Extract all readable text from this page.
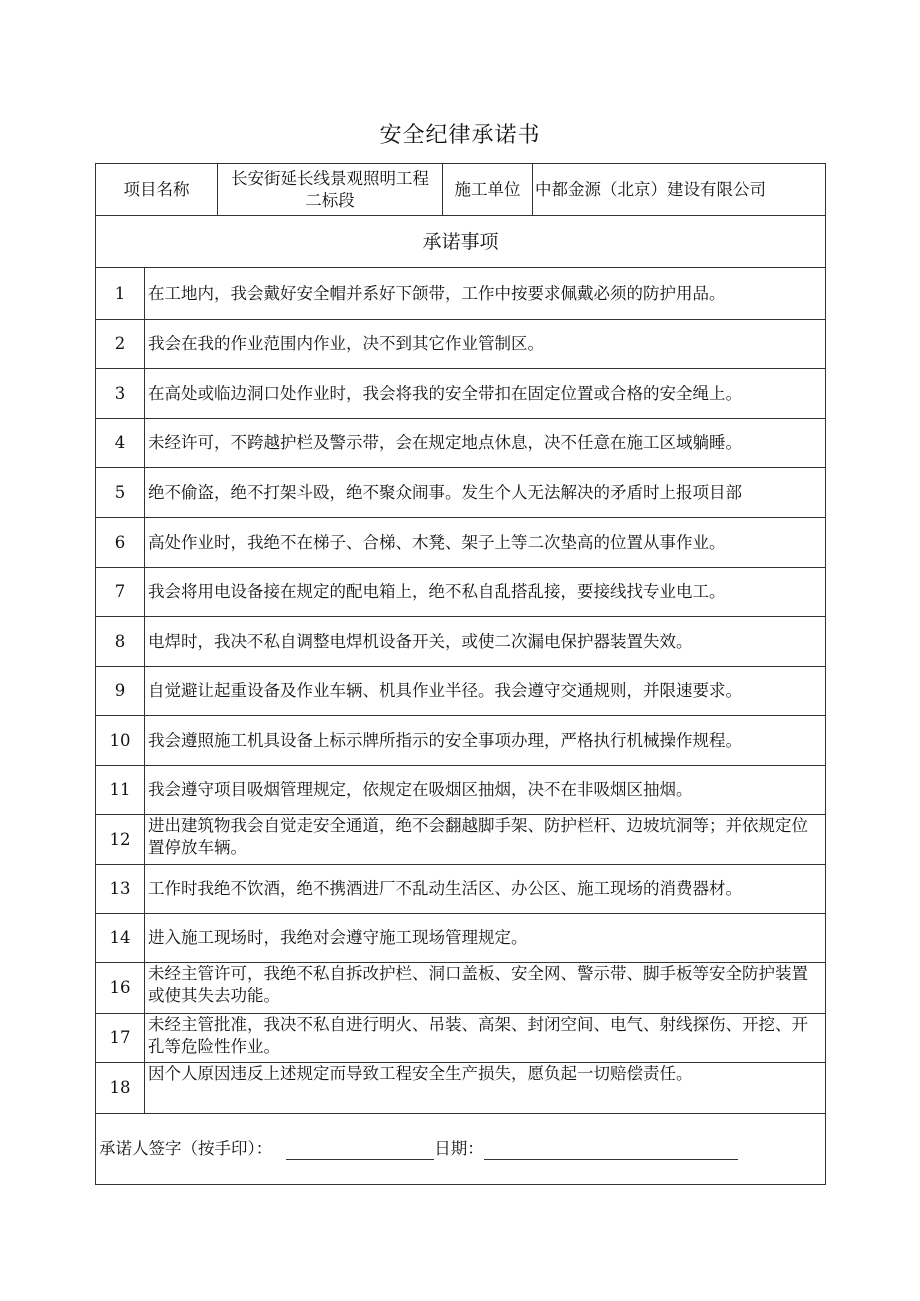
安全纪律承诺书
项目名称		长安街延长线景观照明工程二标段	施工单位	中都金源（北京）建设有限公司
承诺事项				
1	在工地内，我会戴好安全帽并系好下颌带，工作中按要求佩戴必须的防护用品。			
2	我会在我的作业范围内作业，决不到其它作业管制区。			
3	在高处或临边洞口处作业时，我会将我的安全带扣在固定位置或合格的安全绳上。			
4	未经许可，不跨越护栏及警示带，会在规定地点休息，决不任意在施工区域躺睡。			
5	绝不偷盗，绝不打架斗殴，绝不聚众闹事。发生个人无法解决的矛盾时上报项目部			
6	高处作业时，我绝不在梯子、合梯、木凳、架子上等二次垫高的位置从事作业。			
7	我会将用电设备接在规定的配电箱上，绝不私自乱搭乱接，要接线找专业电工。			
8	电焊时，我决不私自调整电焊机设备开关，或使二次漏电保护器装置失效。			
9	自觉避让起重设备及作业车辆、机具作业半径。我会遵守交通规则，并限速要求。			
10	我会遵照施工机具设备上标示牌所指示的安全事项办理，严格执行机械操作规程。			
11	我会遵守项目吸烟管理规定，依规定在吸烟区抽烟，决不在非吸烟区抽烟。			
12	进出建筑物我会自觉走安全通道，绝不会翻越脚手架、防护栏杆、边坡坑洞等；并依规定位置停放车辆。			
13	工作时我绝不饮酒，绝不携酒进厂不乱动生活区、办公区、施工现场的消费器材。			
14	进入施工现场时，我绝对会遵守施工现场管理规定。			
16	未经主管许可，我绝不私自拆改护栏、洞口盖板、安全网、警示带、脚手板等安全防护装置或使其失去功能。			
17	未经主管批准，我决不私自进行明火、吊装、高架、封闭空间、电气、射线探伤、开挖、开孔等危险性作业。			
18	因个人原因违反上述规定而导致工程安全生产损失，愿负起一切赔偿责任。			
承诺人签字（按手印）： 日期：				
